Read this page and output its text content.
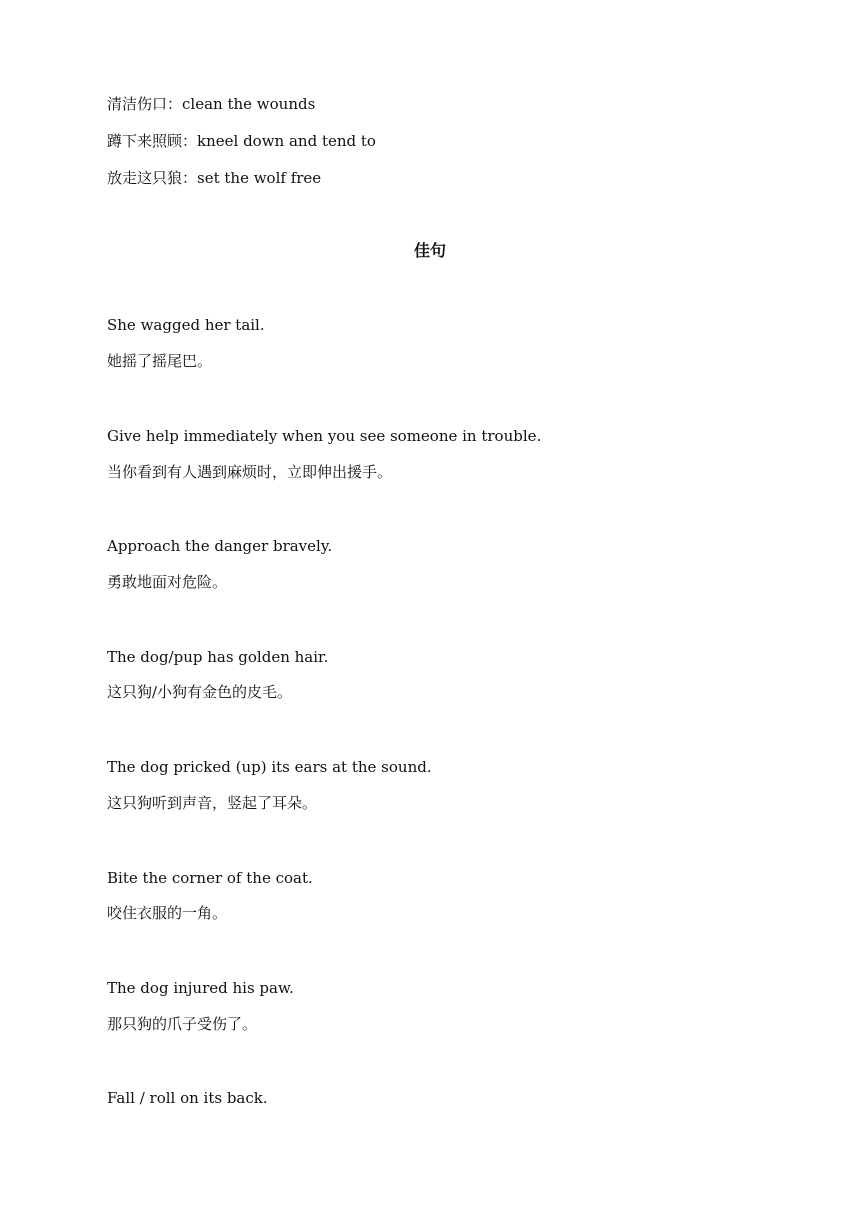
清洁伤口：clean the wounds
蹲下来照顾：kneel down and tend to
放走这只狼：set the wolf free
佳句
She wagged her tail.
她摇了摇尾巴。
Give help immediately when you see someone in trouble.
当你看到有人遇到麻烦时，立即伸出援手。
Approach the danger bravely.
勇敢地面对危险。
The dog/pup has golden hair.
这只狗/小狗有金色的皮毛。
The dog pricked (up) its ears at the sound.
这只狗听到声音，竖起了耳朵。
Bite the corner of the coat.
咬住衣服的一角。
The dog injured his paw.
那只狗的爪子受伤了。
Fall / roll on its back.
